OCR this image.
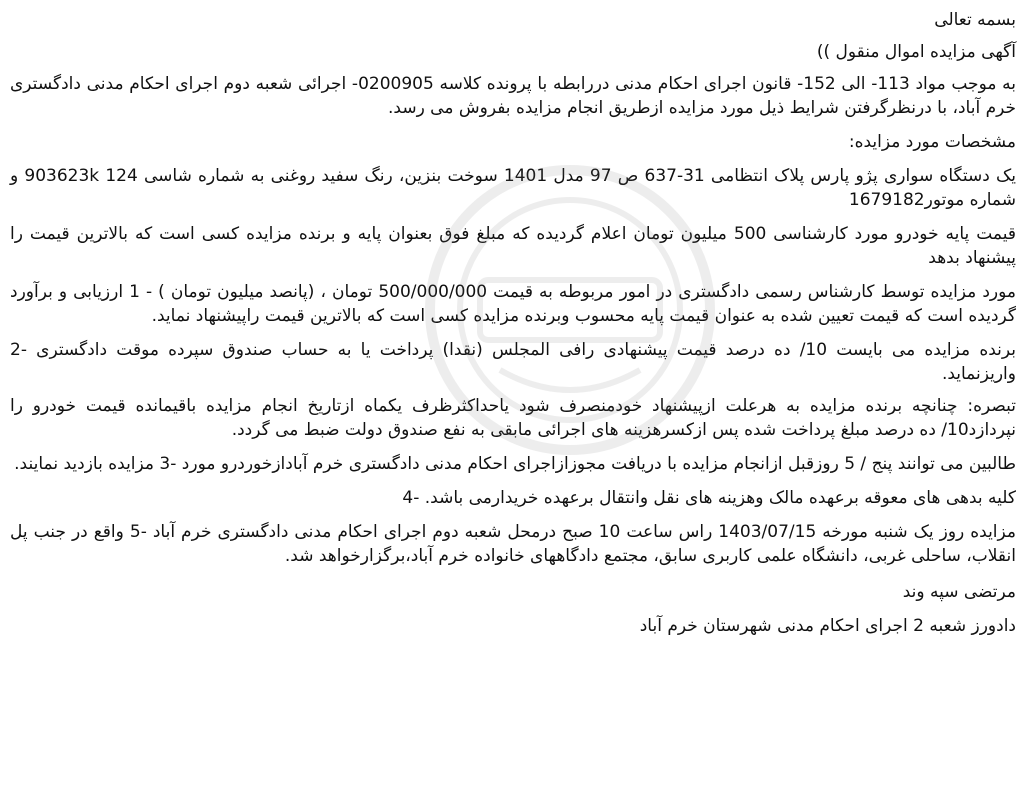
بسمه تعالی

آگهی مزایده اموال منقول ))

به موجب مواد 113- الی 152- قانون اجرای احکام مدنی دررابطه با پرونده کلاسه 0200905- اجرائی شعبه دوم اجرای احکام مدنی دادگستری خرم آباد، با درنظرگرفتن شرایط ذیل مورد مزایده ازطریق انجام مزایده بفروش می رسد.

مشخصات مورد مزایده:

یک دستگاه سواری پژو پارس پلاک انتظامی 31-637 ص 97 مدل 1401 سوخت بنزین، رنگ سفید روغنی به شماره شاسی 124 903623k و شماره موتور1679182

قیمت پایه خودرو مورد کارشناسی 500 میلیون تومان اعلام گردیده که مبلغ فوق بعنوان پایه و برنده مزایده کسی است که بالاترین قیمت را پیشنهاد بدهد

مورد مزایده توسط کارشناس رسمی دادگستری در امور مربوطه به قیمت 500/000/000 تومان ، (پانصد میلیون تومان ) - 1 ارزیابی و برآورد گردیده است که قیمت تعیین شده به عنوان قیمت پایه محسوب وبرنده مزایده کسی است که بالاترین قیمت راپیشنهاد نماید.

برنده مزایده می بایست 10/ ده درصد قیمت پیشنهادی رافی المجلس (نقدا) پرداخت یا به حساب صندوق سپرده موقت دادگستری -2 واریزنماید.

تبصره: چنانچه برنده مزایده به هرعلت ازپیشنهاد خودمنصرف شود یاحداکثرظرف یکماه ازتاریخ انجام مزایده باقیمانده قیمت خودرو را نپردازد10/ ده درصد مبلغ پرداخت شده پس ازکسرهزینه های اجرائی مابقی به نفع صندوق دولت ضبط می گردد.

طالبین می توانند پنج / 5 روزقبل ازانجام مزایده با دریافت مجوزازاجرای احکام مدنی دادگستری خرم آبادازخوردرو مورد -3 مزایده بازدید نمایند.

کلیه بدهی های معوقه برعهده مالک وهزینه های نقل وانتقال برعهده خریدارمی باشد. -4

مزایده روز یک شنبه مورخه 1403/07/15 راس ساعت 10 صبح درمحل شعبه دوم اجرای احکام مدنی دادگستری خرم آباد -5 واقع در جنب پل انقلاب، ساحلی غربی، دانشگاه علمی کاربری سابق، مجتمع دادگاههای خانواده خرم آباد،برگزارخواهد شد.

مرتضی سپه وند

دادورز شعبه 2 اجرای احکام مدنی شهرستان خرم آباد
